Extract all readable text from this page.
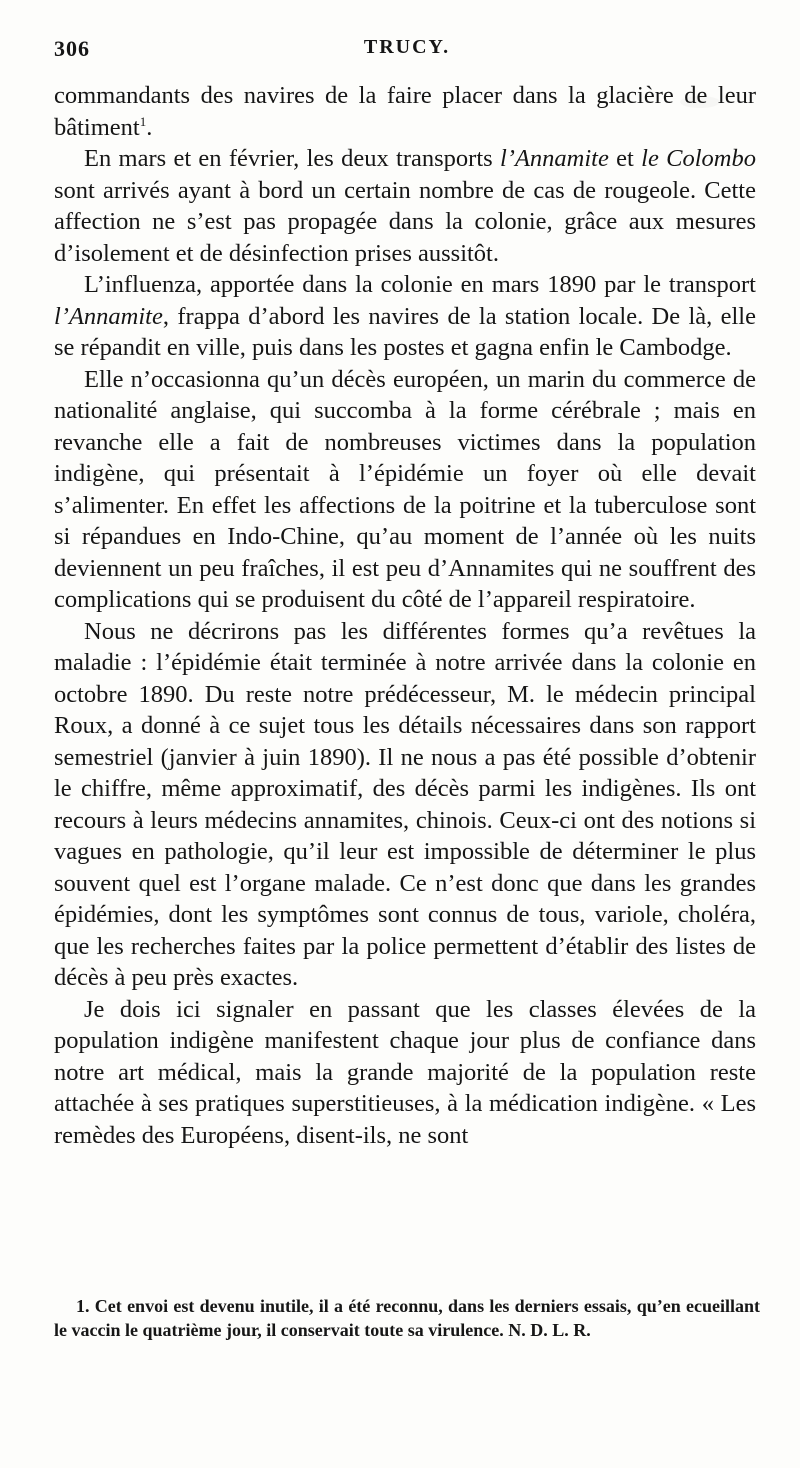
306	TRUCY.

commandants des navires de la faire placer dans la glacière de leur bâtiment$^1$.

En mars et en février, les deux transports l’Annamite et le Colombo sont arrivés ayant à bord un certain nombre de cas de rougeole. Cette affection ne s’est pas propagée dans la colonie, grâce aux mesures d’isolement et de désinfection prises aussitôt.

L’influenza, apportée dans la colonie en mars 1890 par le transport l’Annamite, frappa d’abord les navires de la station locale. De là, elle se répandit en ville, puis dans les postes et gagna enfin le Cambodge.

Elle n’occasionna qu’un décès européen, un marin du commerce de nationalité anglaise, qui succomba à la forme cérébrale ; mais en revanche elle a fait de nombreuses victimes dans la population indigène, qui présentait à l’épidémie un foyer où elle devait s’alimenter. En effet les affections de la poitrine et la tuberculose sont si répandues en Indo-Chine, qu’au moment de l’année où les nuits deviennent un peu fraîches, il est peu d’Annamites qui ne souffrent des complications qui se produisent du côté de l’appareil respiratoire.

Nous ne décrirons pas les différentes formes qu’a revêtues la maladie : l’épidémie était terminée à notre arrivée dans la colonie en octobre 1890. Du reste notre prédécesseur, M. le médecin principal Roux, a donné à ce sujet tous les détails nécessaires dans son rapport semestriel (janvier à juin 1890). Il ne nous a pas été possible d’obtenir le chiffre, même approximatif, des décès parmi les indigènes. Ils ont recours à leurs médecins annamites, chinois. Ceux-ci ont des notions si vagues en pathologie, qu’il leur est impossible de déterminer le plus souvent quel est l’organe malade. Ce n’est donc que dans les grandes épidémies, dont les symptômes sont connus de tous, variole, choléra, que les recherches faites par la police permettent d’établir des listes de décès à peu près exactes.

Je dois ici signaler en passant que les classes élevées de la population indigène manifestent chaque jour plus de confiance dans notre art médical, mais la grande majorité de la population reste attachée à ses pratiques superstitieuses, à la médication indigène. « Les remèdes des Européens, disent-ils, ne sont

1. Cet envoi est devenu inutile, il a été reconnu, dans les derniers essais, qu’en ecueillant le vaccin le quatrième jour, il conservait toute sa virulence. N. D. L. R.
